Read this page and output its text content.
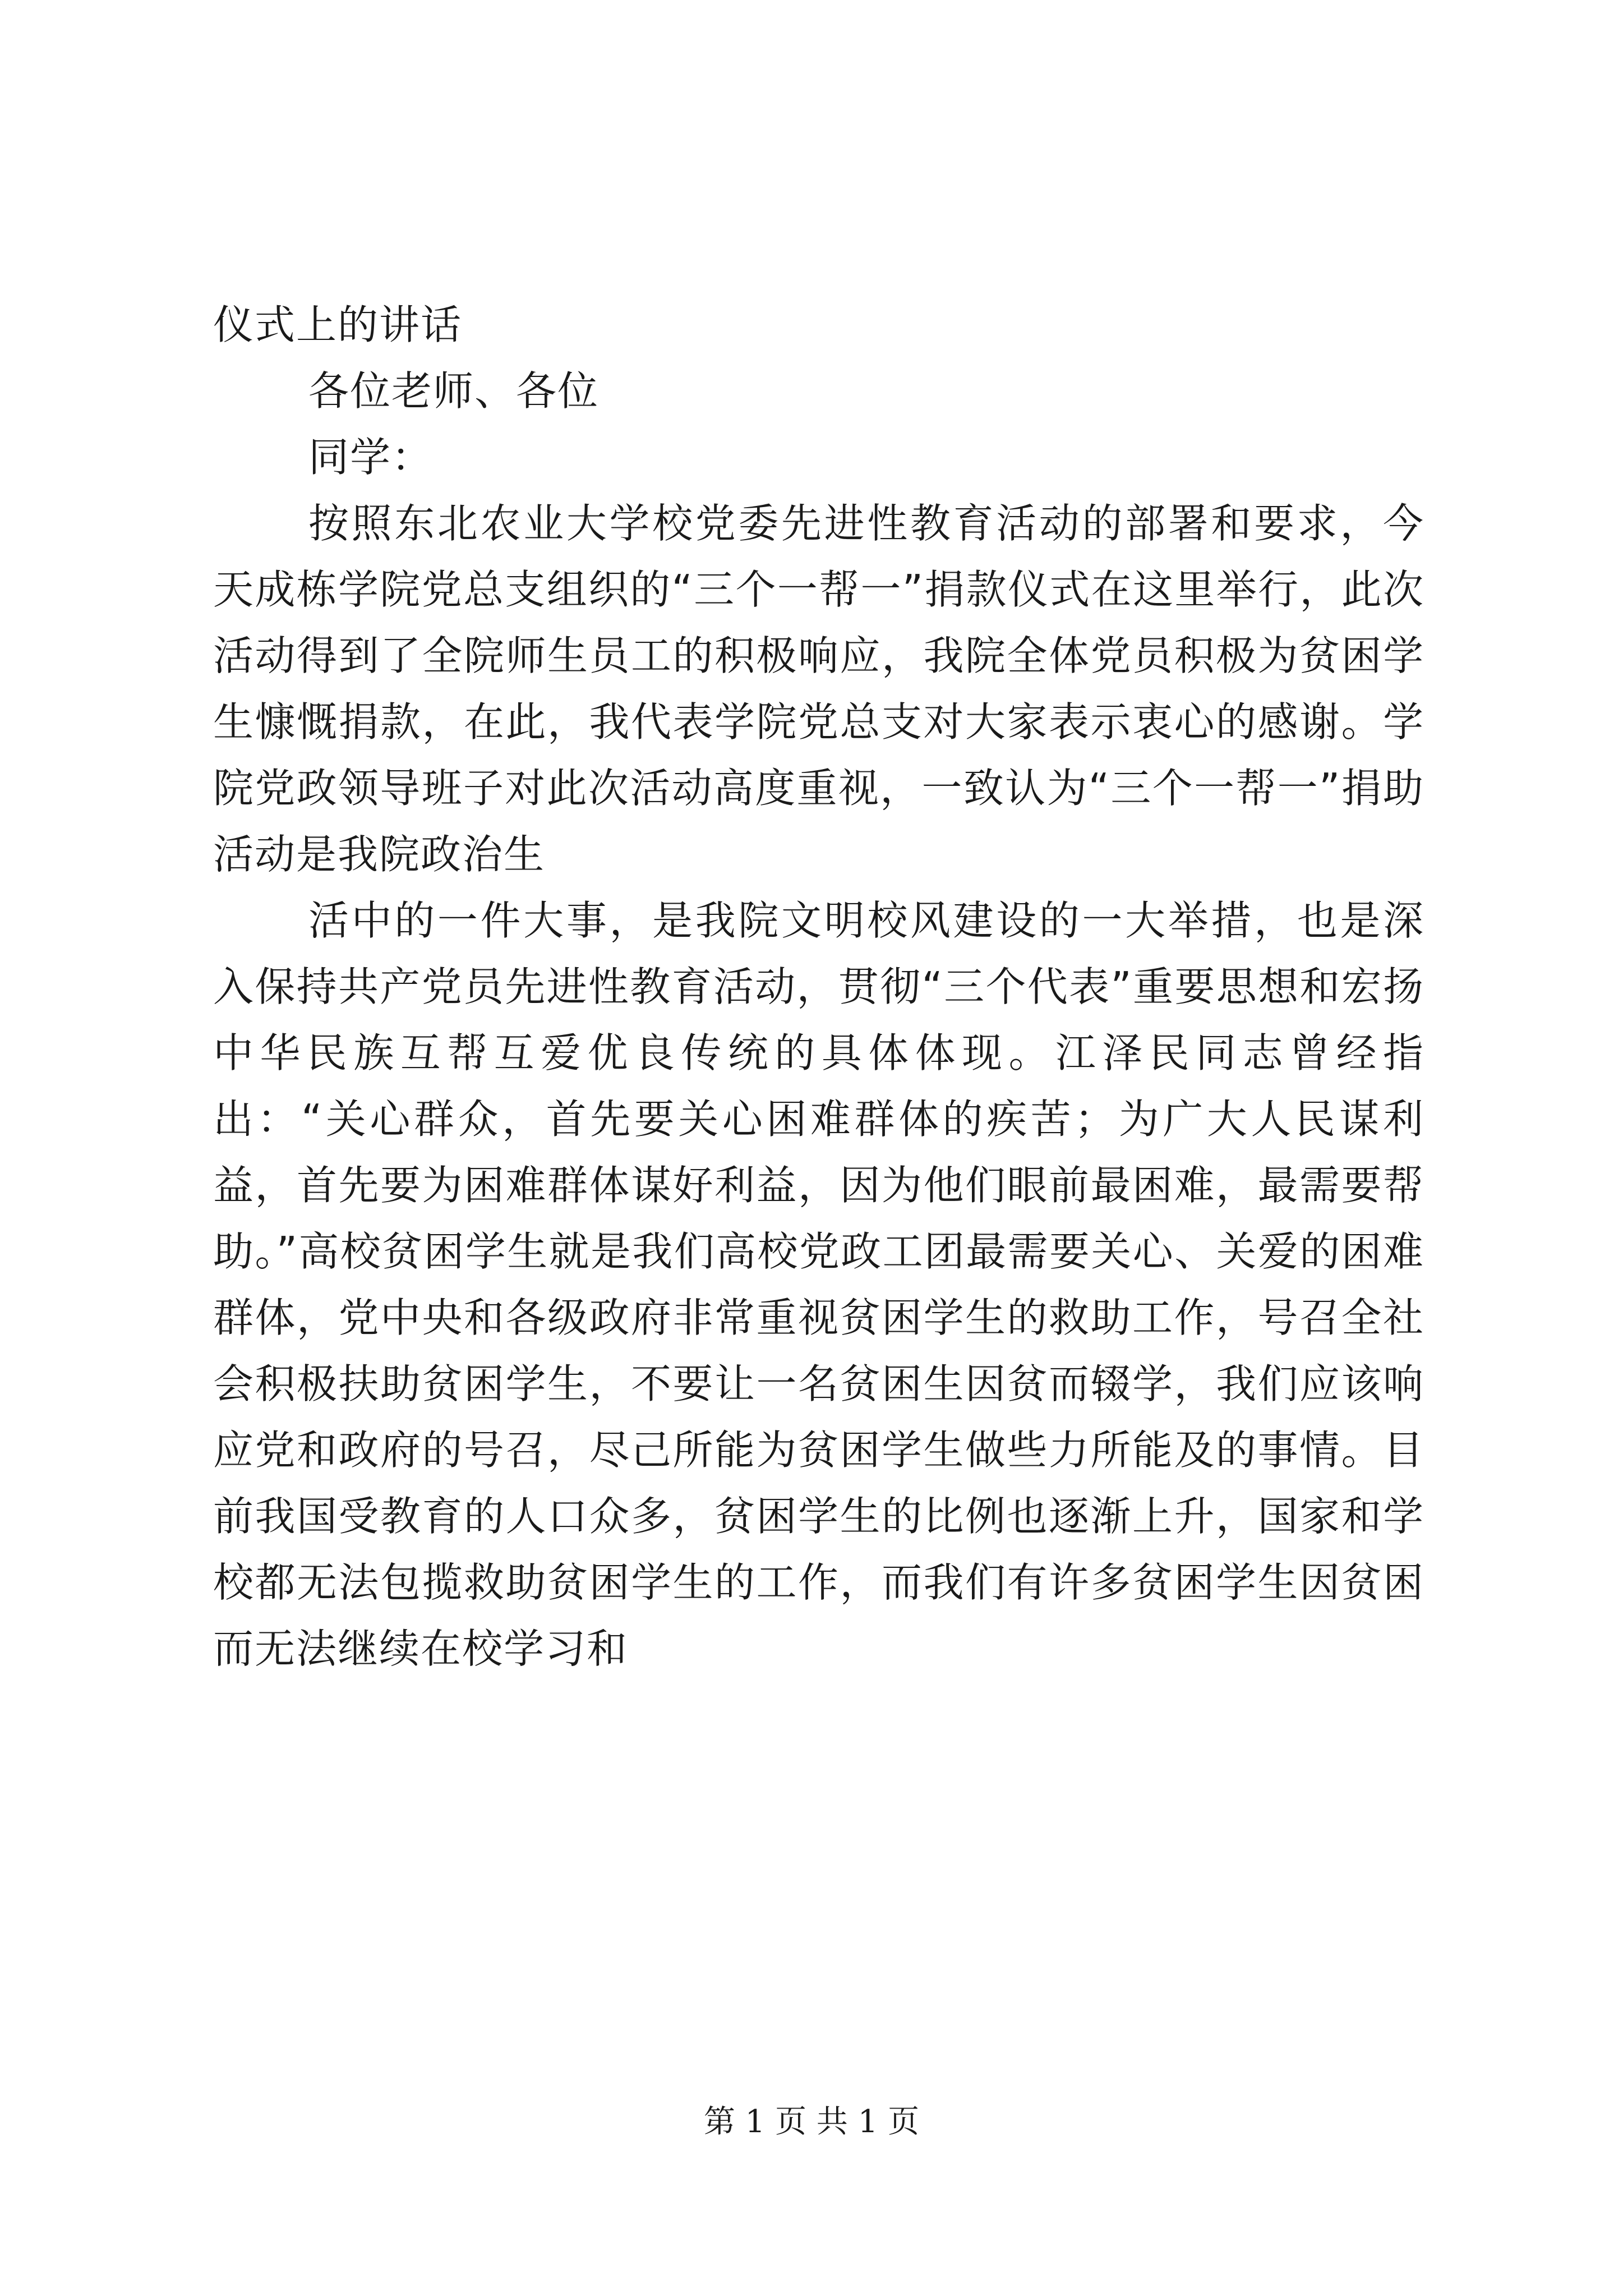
仪式上的讲话

各位老师、各位

同学：

按照东北农业大学校党委先进性教育活动的部署和要求，今天成栋学院党总支组织的“三个一帮一”捐款仪式在这里举行，此次活动得到了全院师生员工的积极响应，我院全体党员积极为贫困学生慷慨捐款，在此，我代表学院党总支对大家表示衷心的感谢。学院党政领导班子对此次活动高度重视，一致认为“三个一帮一”捐助活动是我院政治生

活中的一件大事，是我院文明校风建设的一大举措，也是深入保持共产党员先进性教育活动，贯彻“三个代表”重要思想和宏扬中华民族互帮互爱优良传统的具体体现。江泽民同志曾经指出：“关心群众，首先要关心困难群体的疾苦；为广大人民谋利益，首先要为困难群体谋好利益，因为他们眼前最困难，最需要帮助。”高校贫困学生就是我们高校党政工团最需要关心、关爱的困难群体，党中央和各级政府非常重视贫困学生的救助工作，号召全社会积极扶助贫困学生，不要让一名贫困生因贫而辍学，我们应该响应党和政府的号召，尽己所能为贫困学生做些力所能及的事情。目前我国受教育的人口众多，贫困学生的比例也逐渐上升，国家和学校都无法包揽救助贫困学生的工作，而我们有许多贫困学生因贫困而无法继续在校学习和

第 1 页 共 1 页
